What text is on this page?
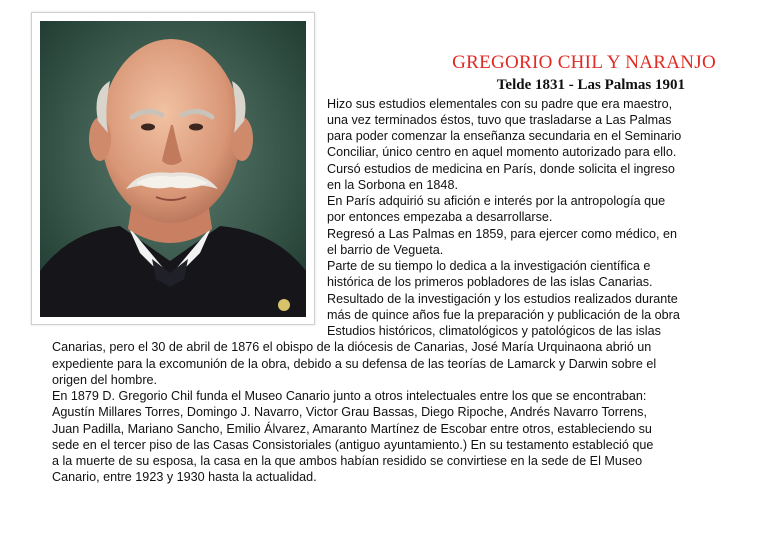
GREGORIO CHIL Y NARANJO
Telde 1831 - Las Palmas 1901
Hizo sus estudios elementales con su padre que era maestro,
una vez terminados éstos, tuvo que trasladarse a Las Palmas
para poder comenzar la enseñanza secundaria en el Seminario
Conciliar, único centro en aquel momento autorizado para ello.
Cursó estudios de medicina en París, donde solicita el ingreso
en la Sorbona en 1848.
En París adquirió su afición e interés por la antropología que
por entonces empezaba a desarrollarse.
Regresó a Las Palmas en 1859, para ejercer como médico, en
el barrio de Vegueta.
Parte de su tiempo lo dedica a la investigación científica e
histórica de los primeros pobladores de las islas Canarias.
Resultado de la investigación y los estudios realizados durante
más de quince años fue la preparación y publicación de la obra
Estudios históricos, climatológicos y patológicos de las islas
Canarias, pero el 30 de abril de 1876 el obispo de la diócesis de Canarias, José María Urquinaona abrió un
expediente para la excomunión de la obra, debido a su defensa de las teorías de Lamarck y Darwin sobre el
origen del hombre.
En 1879 D. Gregorio Chil funda el Museo Canario junto a otros intelectuales entre los que se encontraban:
Agustín Millares Torres, Domingo J. Navarro, Victor Grau Bassas, Diego Ripoche, Andrés Navarro Torrens,
Juan Padilla, Mariano Sancho, Emilio Álvarez, Amaranto Martínez de Escobar entre otros, estableciendo su
sede en el tercer piso de las Casas Consistoriales (antiguo ayuntamiento.) En su testamento estableció que
a la muerte de su esposa, la casa en la que ambos habían residido se convirtiese en la sede de El Museo
Canario, entre 1923 y 1930 hasta la actualidad.
